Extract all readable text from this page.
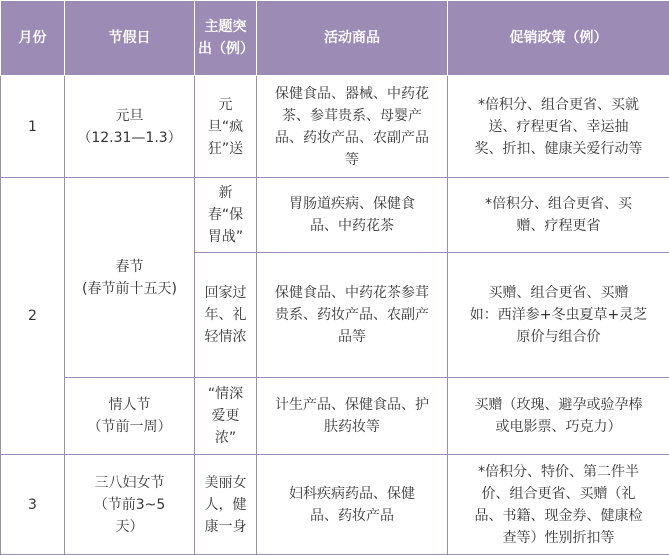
月份	节假日	主题突出（例）	活动商品	促销政策（例）
1	元旦
（12.31—1.3）	元
旦“疯
狂”送	保健食品、器械、中药花
茶、参茸贵系、母婴产
品、药妆产品、农副产品
等	*倍积分、组合更省、买就
送、疗程更省、幸运抽
奖、折扣、健康关爱行动等

2	春节
(春节前十五天)	新
春“保
胃战”	胃肠道疾病、保健食
品、中药花茶	*倍积分、组合更省、买
赠、疗程更省

		回家过
年、礼
轻情浓	保健食品、中药花茶参茸
贵系、药妆产品、农副产
品等	买赠、组合更省、买赠
如：西洋参+冬虫夏草+灵芝
原价与组合价

	情人节
（节前一周）	“情深
爱更
浓”	计生产品、保健食品、护
肤药妆等	买赠（玫瑰、避孕或验孕棒
或电影票、巧克力）

3	三八妇女节
（节前3~5
天）	美丽女
人，健
康一身	妇科疾病药品、保健
品、药妆产品	*倍积分、特价、第二件半
价、组合更省、买赠（礼
品、书籍、现金券、健康检
查等）性别折扣等
